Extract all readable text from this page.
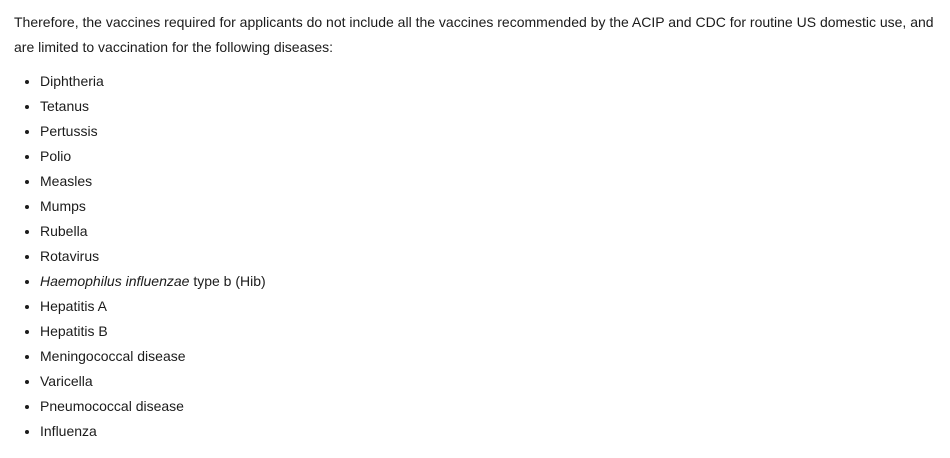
Therefore, the vaccines required for applicants do not include all the vaccines recommended by the ACIP and CDC for routine US domestic use, and are limited to vaccination for the following diseases:

Diphtheria
Tetanus
Pertussis
Polio
Measles
Mumps
Rubella
Rotavirus
Haemophilus influenzae type b (Hib)
Hepatitis A
Hepatitis B
Meningococcal disease
Varicella
Pneumococcal disease
Influenza
